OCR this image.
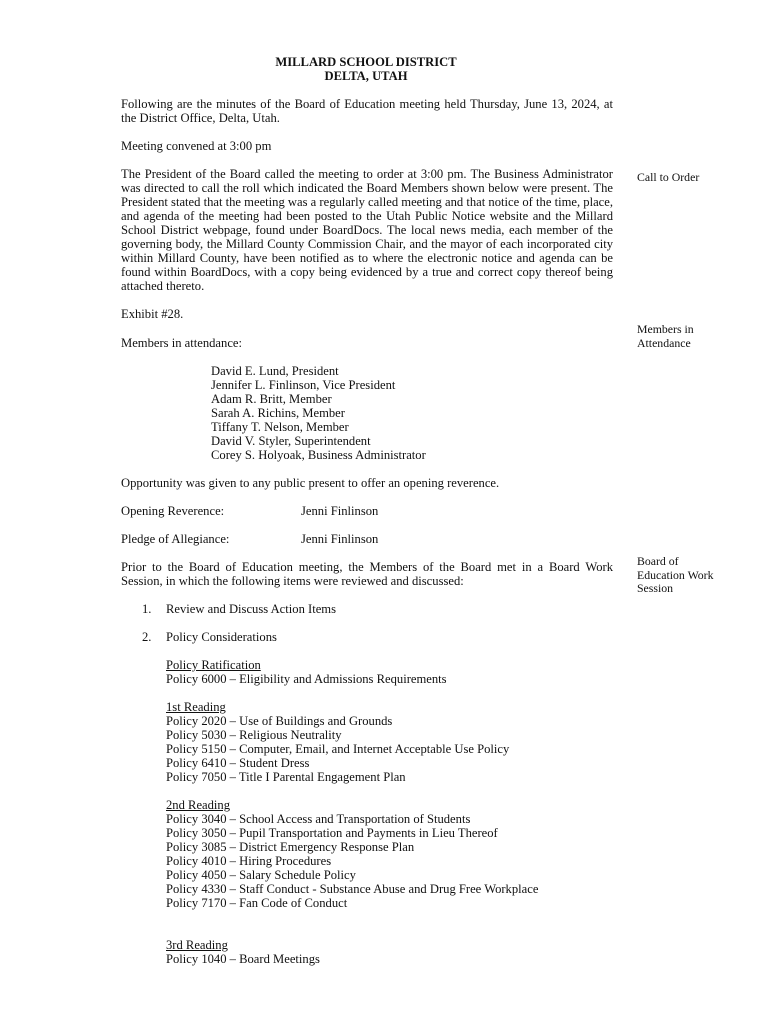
MILLARD SCHOOL DISTRICT
DELTA, UTAH
Following are the minutes of the Board of Education meeting held Thursday, June 13, 2024, at the District Office, Delta, Utah.
Meeting convened at 3:00 pm
The President of the Board called the meeting to order at 3:00 pm. The Business Administrator was directed to call the roll which indicated the Board Members shown below were present. The President stated that the meeting was a regularly called meeting and that notice of the time, place, and agenda of the meeting had been posted to the Utah Public Notice website and the Millard School District webpage, found under BoardDocs. The local news media, each member of the governing body, the Millard County Commission Chair, and the mayor of each incorporated city within Millard County, have been notified as to where the electronic notice and agenda can be found within BoardDocs, with a copy being evidenced by a true and correct copy thereof being attached thereto.
Exhibit #28.
Call to Order
Members in
Attendance
Members in attendance:
David E. Lund, President
Jennifer L. Finlinson, Vice President
Adam R. Britt, Member
Sarah A. Richins, Member
Tiffany T. Nelson, Member
David V. Styler, Superintendent
Corey S. Holyoak, Business Administrator
Opportunity was given to any public present to offer an opening reverence.
Opening Reverence:	Jenni Finlinson
Pledge of Allegiance:	Jenni Finlinson
Prior to the Board of Education meeting, the Members of the Board met in a Board Work Session, in which the following items were reviewed and discussed:
Board of
Education Work
Session
1. Review and Discuss Action Items
2. Policy Considerations
Policy Ratification
Policy 6000 – Eligibility and Admissions Requirements
1st Reading
Policy 2020 – Use of Buildings and Grounds
Policy 5030 – Religious Neutrality
Policy 5150 – Computer, Email, and Internet Acceptable Use Policy
Policy 6410 – Student Dress
Policy 7050 – Title I Parental Engagement Plan
2nd Reading
Policy 3040 – School Access and Transportation of Students
Policy 3050 – Pupil Transportation and Payments in Lieu Thereof
Policy 3085 – District Emergency Response Plan
Policy 4010 – Hiring Procedures
Policy 4050 – Salary Schedule Policy
Policy 4330 – Staff Conduct - Substance Abuse and Drug Free Workplace
Policy 7170 – Fan Code of Conduct
3rd Reading
Policy 1040 – Board Meetings
